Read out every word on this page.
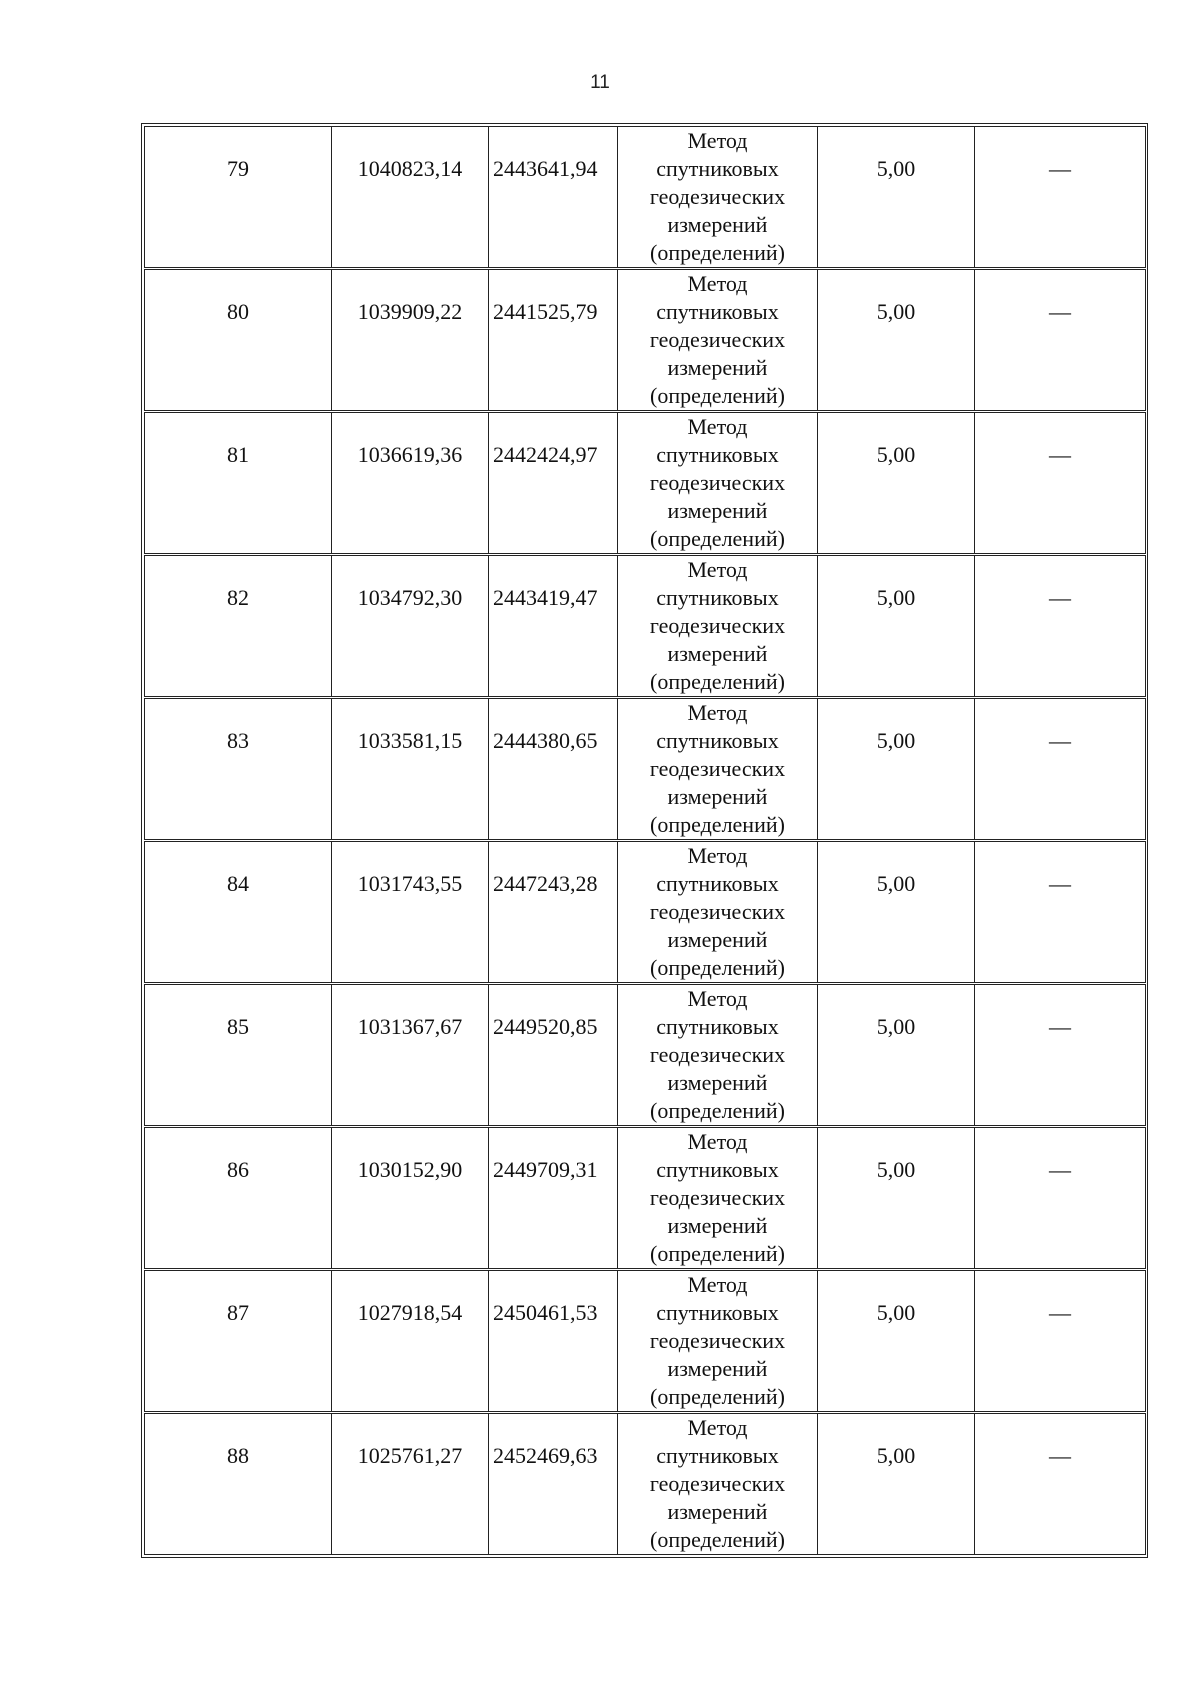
11
79	1040823,14	2443641,94	Метод
спутниковых
геодезических
измерений
(определений)	5,00	—

80	1039909,22	2441525,79	Метод
спутниковых
геодезических
измерений
(определений)	5,00	—

81	1036619,36	2442424,97	Метод
спутниковых
геодезических
измерений
(определений)	5,00	—

82	1034792,30	2443419,47	Метод
спутниковых
геодезических
измерений
(определений)	5,00	—

83	1033581,15	2444380,65	Метод
спутниковых
геодезических
измерений
(определений)	5,00	—

84	1031743,55	2447243,28	Метод
спутниковых
геодезических
измерений
(определений)	5,00	—

85	1031367,67	2449520,85	Метод
спутниковых
геодезических
измерений
(определений)	5,00	—

86	1030152,90	2449709,31	Метод
спутниковых
геодезических
измерений
(определений)	5,00	—

87	1027918,54	2450461,53	Метод
спутниковых
геодезических
измерений
(определений)	5,00	—

88	1025761,27	2452469,63	Метод
спутниковых
геодезических
измерений
(определений)	5,00	—
